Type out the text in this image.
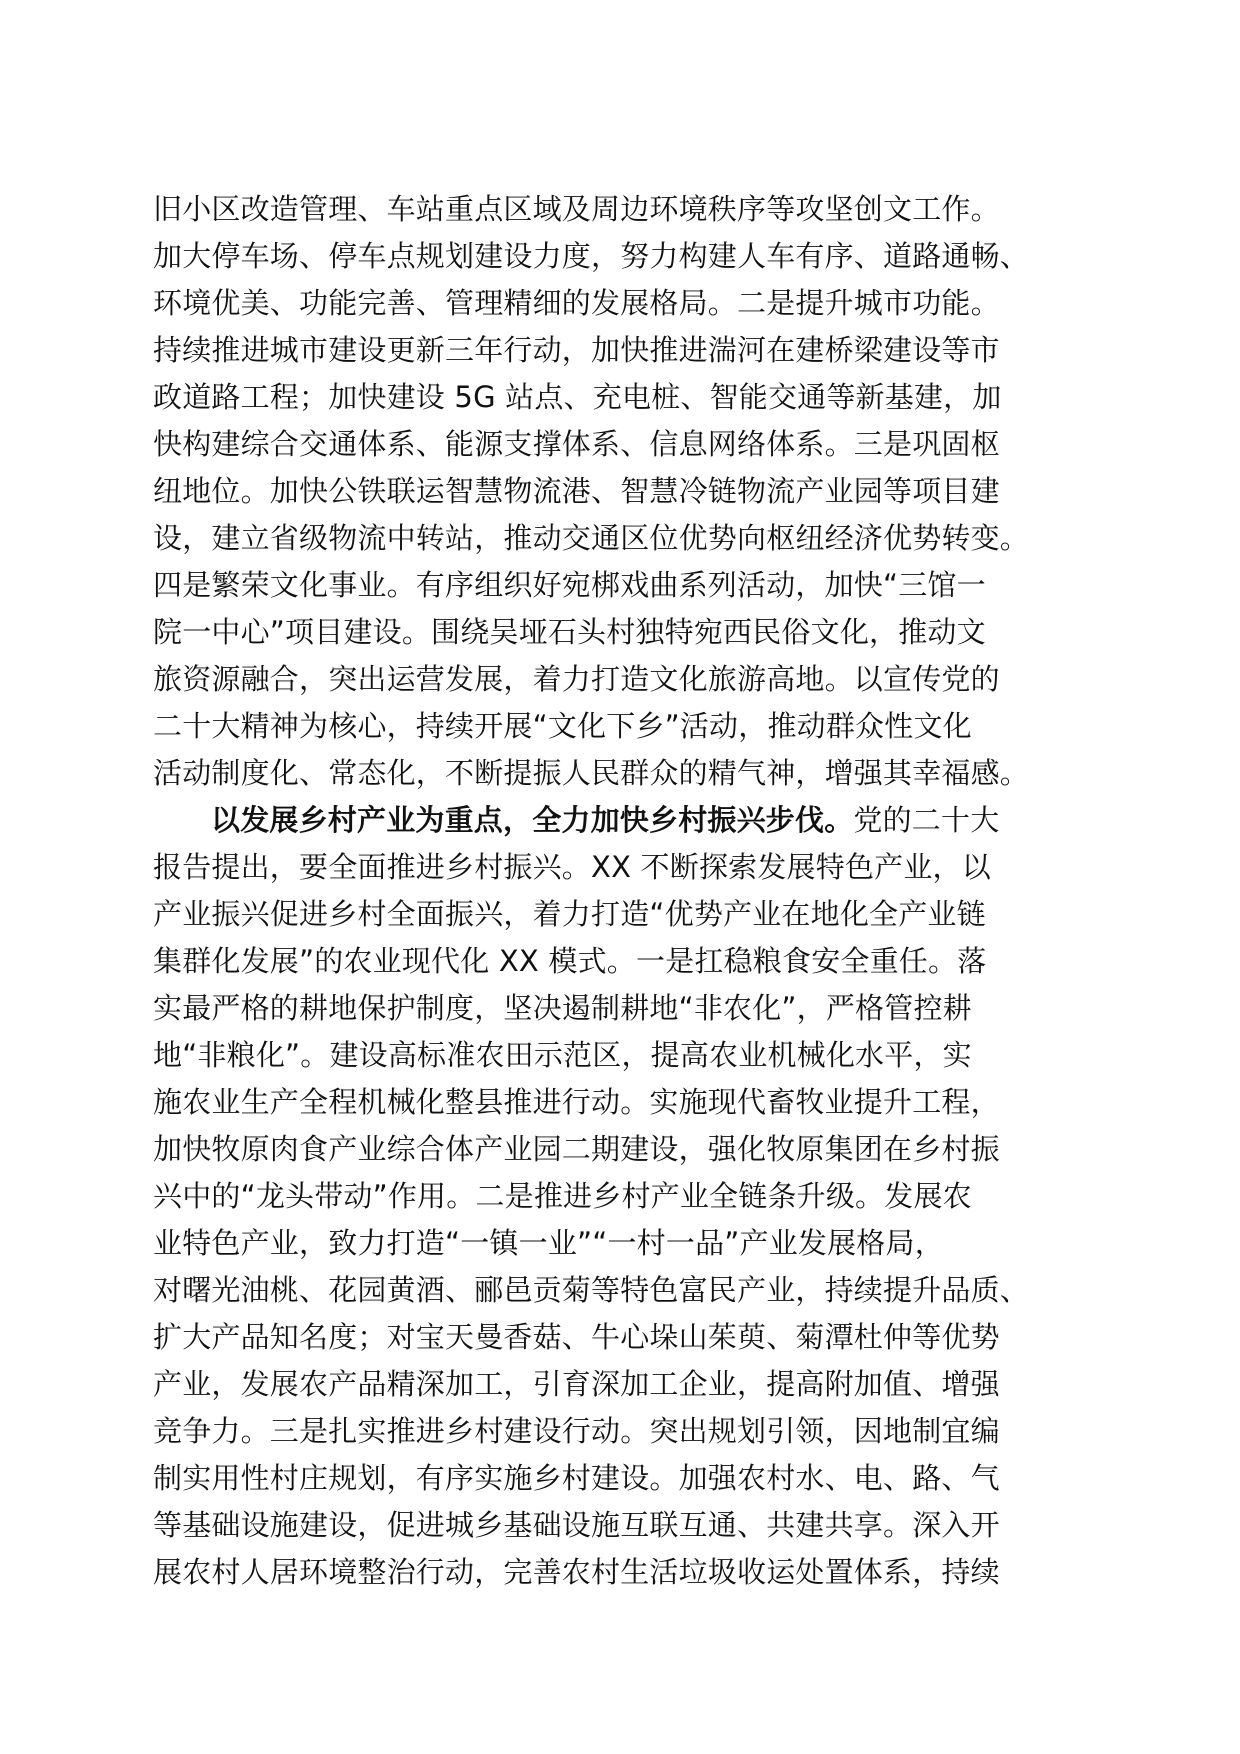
旧小区改造管理、车站重点区域及周边环境秩序等攻坚创文工作。
加大停车场、停车点规划建设力度，努力构建人车有序、道路通畅、
环境优美、功能完善、管理精细的发展格局。二是提升城市功能。
持续推进城市建设更新三年行动，加快推进湍河在建桥梁建设等市
政道路工程；加快建设 5G 站点、充电桩、智能交通等新基建，加
快构建综合交通体系、能源支撑体系、信息网络体系。三是巩固枢
纽地位。加快公铁联运智慧物流港、智慧冷链物流产业园等项目建
设，建立省级物流中转站，推动交通区位优势向枢纽经济优势转变。
四是繁荣文化事业。有序组织好宛梆戏曲系列活动，加快“三馆一
院一中心”项目建设。围绕吴垭石头村独特宛西民俗文化，推动文
旅资源融合，突出运营发展，着力打造文化旅游高地。以宣传党的
二十大精神为核心，持续开展“文化下乡”活动，推动群众性文化
活动制度化、常态化，不断提振人民群众的精气神，增强其幸福感。
以发展乡村产业为重点，全力加快乡村振兴步伐。党的二十大
报告提出，要全面推进乡村振兴。XX 不断探索发展特色产业，以
产业振兴促进乡村全面振兴，着力打造“优势产业在地化全产业链
集群化发展”的农业现代化 XX 模式。一是扛稳粮食安全重任。落
实最严格的耕地保护制度，坚决遏制耕地“非农化”，严格管控耕
地“非粮化”。建设高标准农田示范区，提高农业机械化水平，实
施农业生产全程机械化整县推进行动。实施现代畜牧业提升工程，
加快牧原肉食产业综合体产业园二期建设，强化牧原集团在乡村振
兴中的“龙头带动”作用。二是推进乡村产业全链条升级。发展农
业特色产业，致力打造“一镇一业”“一村一品”产业发展格局，
对曙光油桃、花园黄酒、郦邑贡菊等特色富民产业，持续提升品质、
扩大产品知名度；对宝天曼香菇、牛心垛山茱萸、菊潭杜仲等优势
产业，发展农产品精深加工，引育深加工企业，提高附加值、增强
竞争力。三是扎实推进乡村建设行动。突出规划引领，因地制宜编
制实用性村庄规划，有序实施乡村建设。加强农村水、电、路、气
等基础设施建设，促进城乡基础设施互联互通、共建共享。深入开
展农村人居环境整治行动，完善农村生活垃圾收运处置体系，持续
